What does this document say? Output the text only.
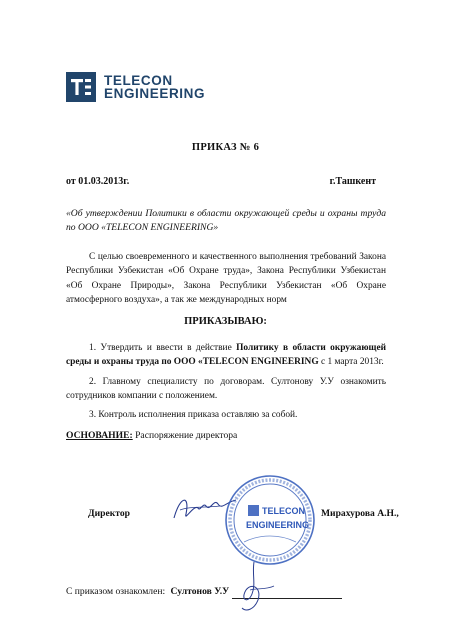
TELECON
ENGINEERING
ПРИКАЗ № 6
от 01.03.2013г.	г.Ташкент
«Об утверждении Политики в области окружающей среды и охраны труда по ООО «TELECON ENGINEERING»
С целью своевременного и качественного выполнения требований Закона Республики Узбекистан «Об Охране труда», Закона Республики Узбекистан «Об Охране Природы», Закона Республики Узбекистан «Об Охране атмосферного воздуха», а так же международных норм
ПРИКАЗЫВАЮ:

1. Утвердить и ввести в действие Политику в области окружающей среды и охраны труда по ООО «TELECON ENGINEERING с 1 марта 2013г.

2. Главному специалисту по договорам. Султонову У.У ознакомить сотрудников компании с положением.

3. Контроль исполнения приказа оставляю за собой.

ОСНОВАНИЕ: Распоряжение директора
Директор	TELECON
ENGINEERING
Мирахурова А.Н.,
С приказом ознакомлен: Султонов У.У
